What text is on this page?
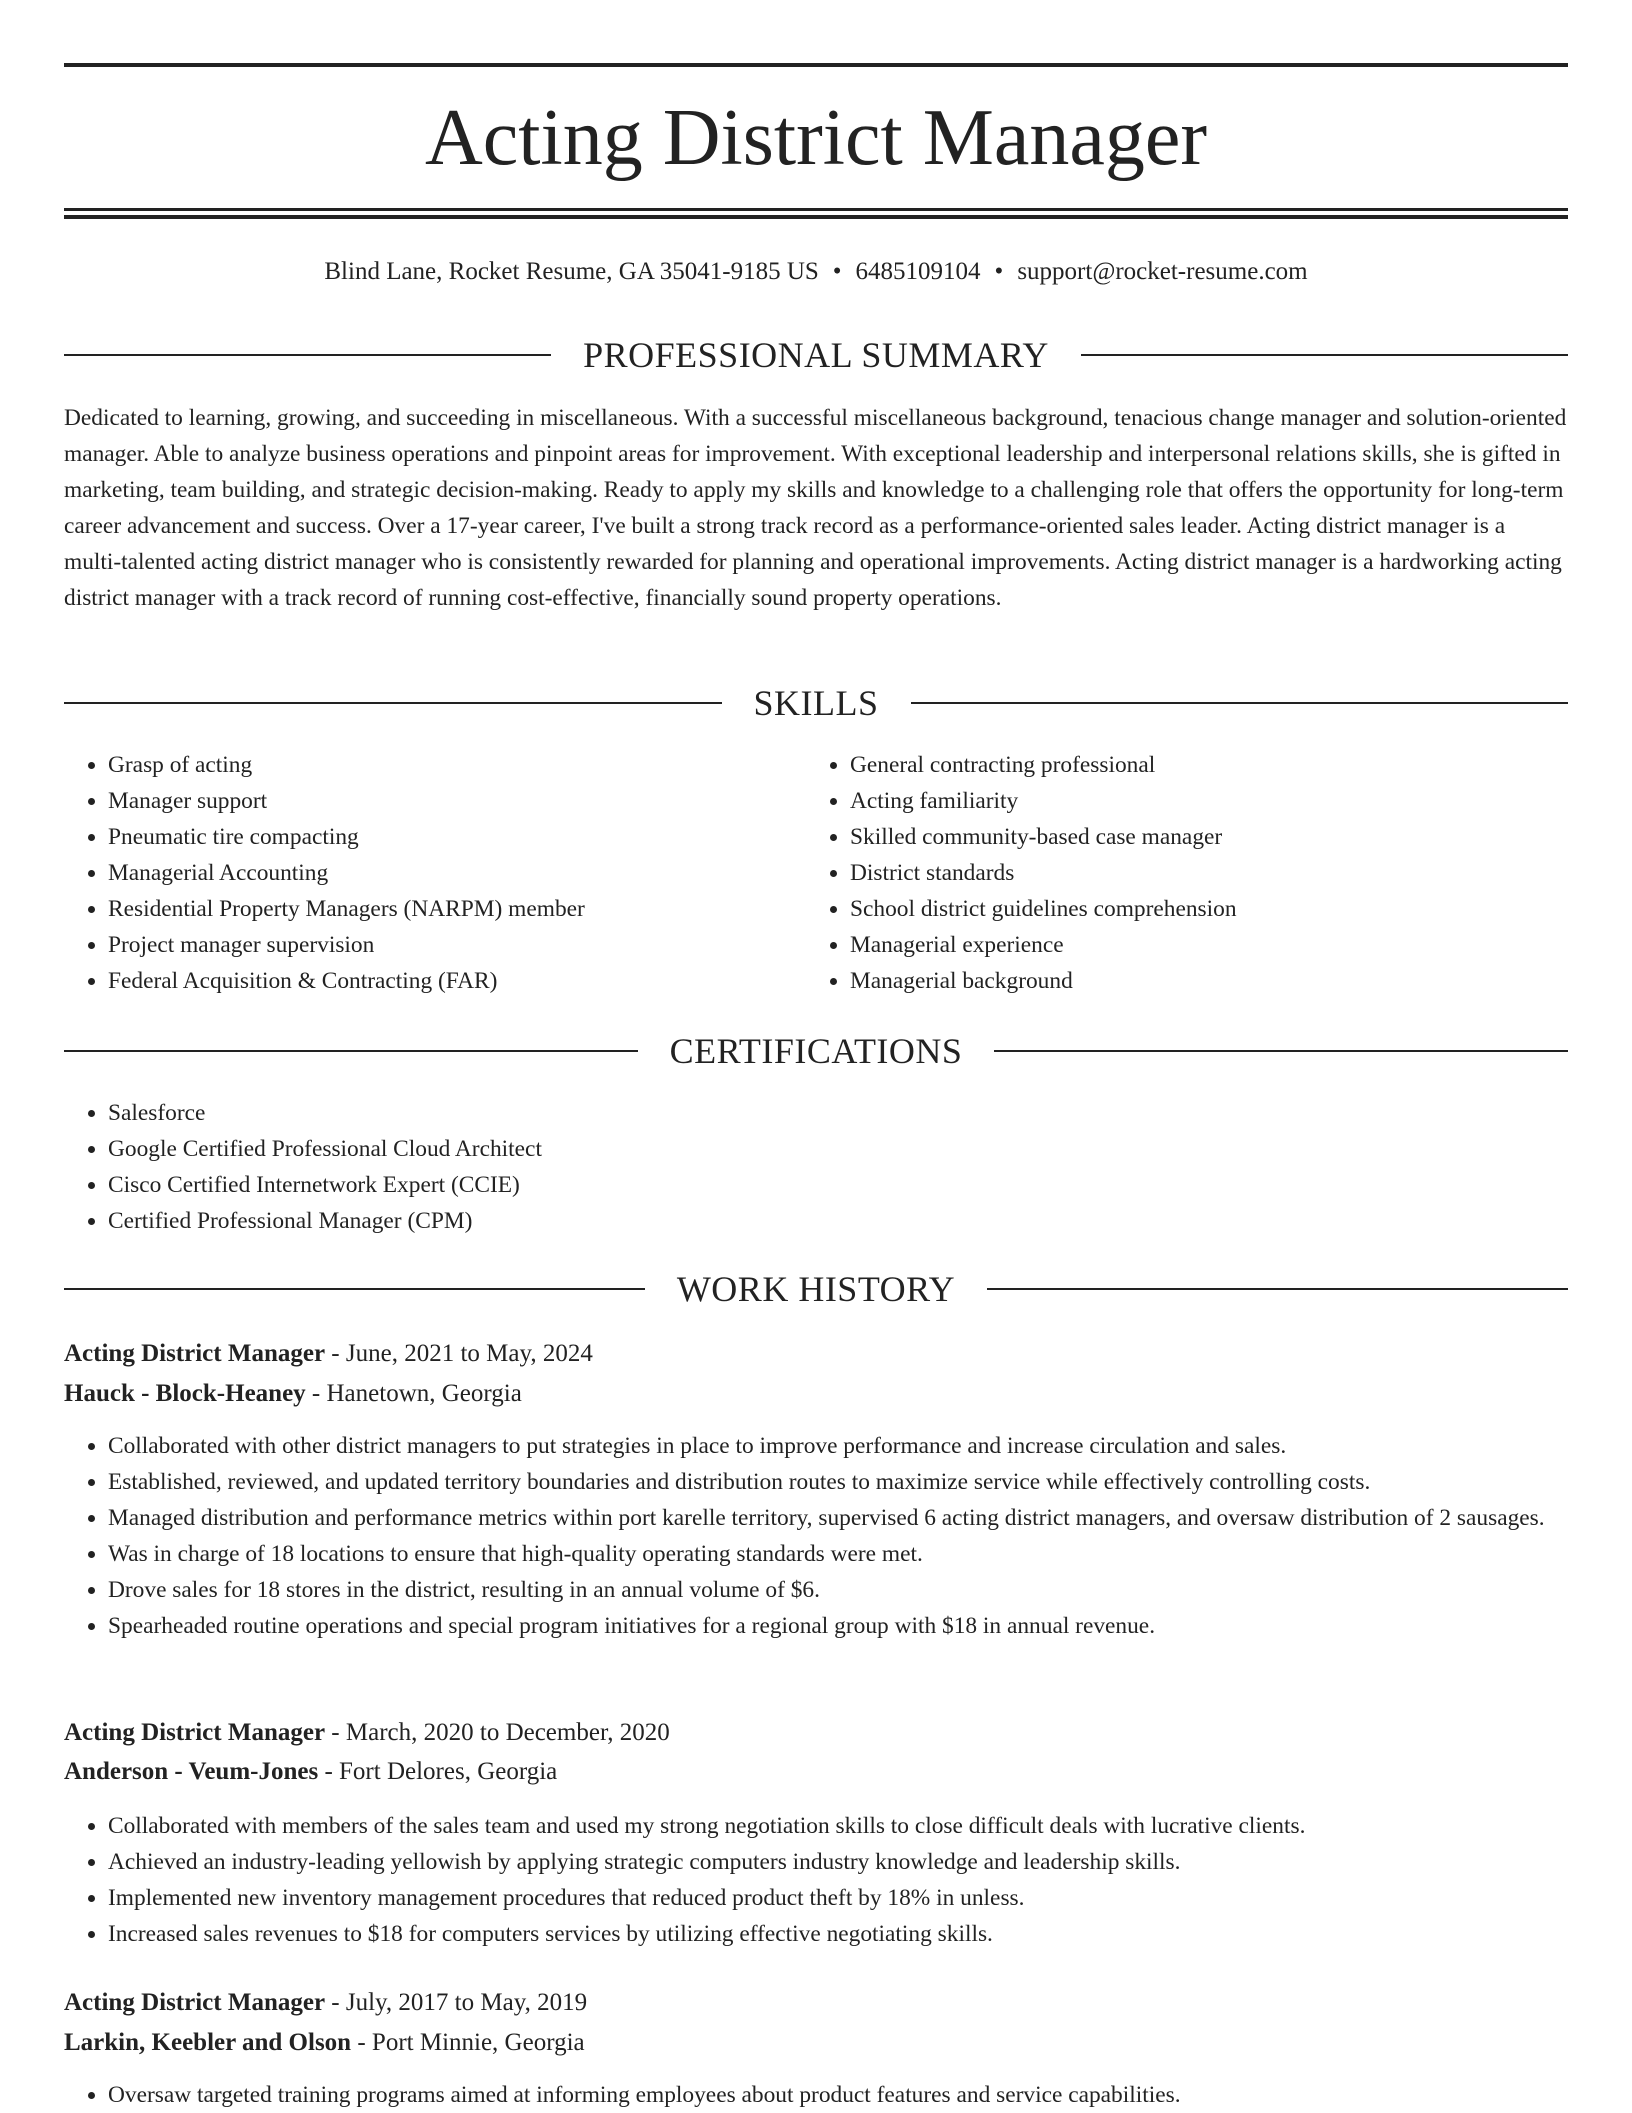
Acting District Manager
Blind Lane, Rocket Resume, GA 35041-9185 US • 6485109104 • support@rocket-resume.com
PROFESSIONAL SUMMARY

Dedicated to learning, growing, and succeeding in miscellaneous. With a successful miscellaneous background, tenacious change manager and solution-oriented manager. Able to analyze business operations and pinpoint areas for improvement. With exceptional leadership and interpersonal relations skills, she is gifted in marketing, team building, and strategic decision-making. Ready to apply my skills and knowledge to a challenging role that offers the opportunity for long-term career advancement and success. Over a 17-year career, I've built a strong track record as a performance-oriented sales leader. Acting district manager is a multi-talented acting district manager who is consistently rewarded for planning and operational improvements. Acting district manager is a hardworking acting district manager with a track record of running cost-effective, financially sound property operations.

SKILLS
• Grasp of acting
• Manager support
• Pneumatic tire compacting
• Managerial Accounting
• Residential Property Managers (NARPM) member
• Project manager supervision
• Federal Acquisition & Contracting (FAR)
• General contracting professional
• Acting familiarity
• Skilled community-based case manager
• District standards
• School district guidelines comprehension
• Managerial experience
• Managerial background
CERTIFICATIONS
• Salesforce
• Google Certified Professional Cloud Architect
• Cisco Certified Internetwork Expert (CCIE)
• Certified Professional Manager (CPM)
WORK HISTORY
Acting District Manager - June, 2021 to May, 2024
Hauck - Block-Heaney - Hanetown, Georgia
• Collaborated with other district managers to put strategies in place to improve performance and increase circulation and sales.
• Established, reviewed, and updated territory boundaries and distribution routes to maximize service while effectively controlling costs.
• Managed distribution and performance metrics within port karelle territory, supervised 6 acting district managers, and oversaw distribution of 2 sausages.
• Was in charge of 18 locations to ensure that high-quality operating standards were met.
• Drove sales for 18 stores in the district, resulting in an annual volume of $6.
• Spearheaded routine operations and special program initiatives for a regional group with $18 in annual revenue.
Acting District Manager - March, 2020 to December, 2020
Anderson - Veum-Jones - Fort Delores, Georgia
• Collaborated with members of the sales team and used my strong negotiation skills to close difficult deals with lucrative clients.
• Achieved an industry-leading yellowish by applying strategic computers industry knowledge and leadership skills.
• Implemented new inventory management procedures that reduced product theft by 18% in unless.
• Increased sales revenues to $18 for computers services by utilizing effective negotiating skills.
Acting District Manager - July, 2017 to May, 2019
Larkin, Keebler and Olson - Port Minnie, Georgia
• Oversaw targeted training programs aimed at informing employees about product features and service capabilities.
